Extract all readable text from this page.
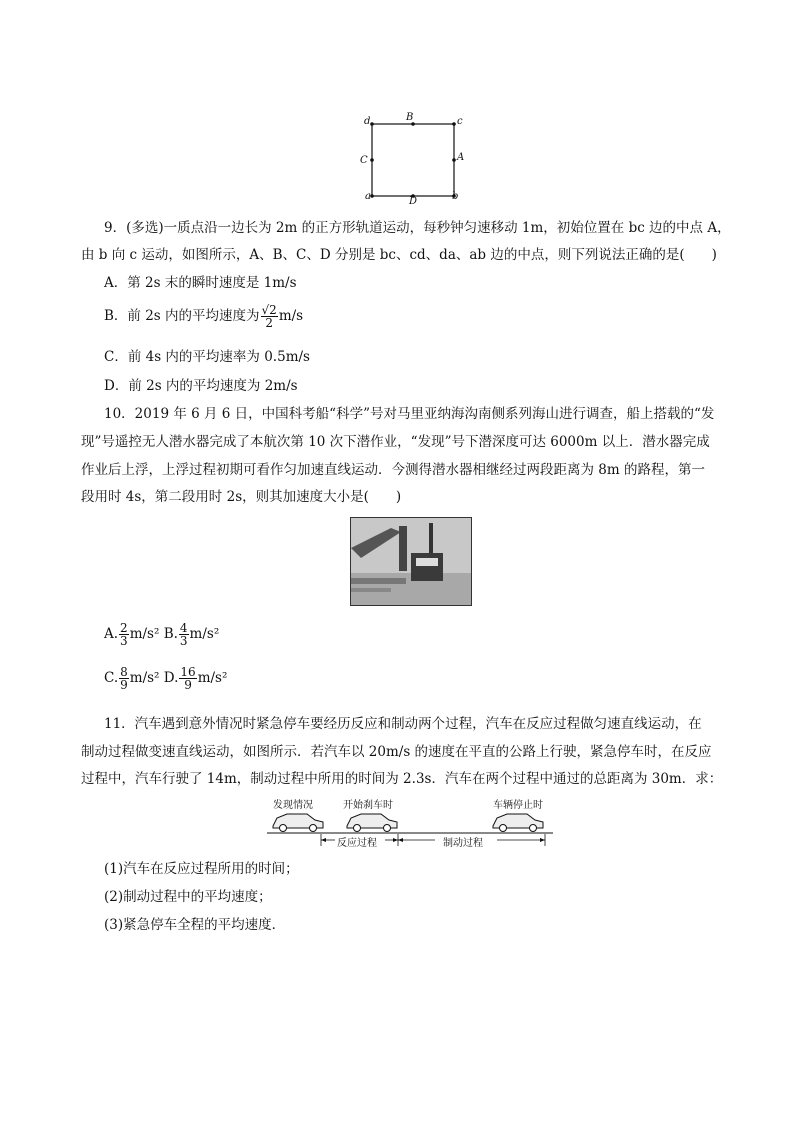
d	B	c
C	A
a	D	b
9．(多选)一质点沿一边长为 2m 的正方形轨道运动，每秒钟匀速移动 1m，初始位置在 bc 边的中点 A，
由 b 向 c 运动，如图所示，A、B、C、D 分别是 bc、cd、da、ab 边的中点，则下列说法正确的是(　　)
A．第 2s 末的瞬时速度是 1m/s
B．前 2s 内的平均速度为 $\frac{√2}{2} m/s$
C．前 4s 内的平均速率为 0.5m/s
D．前 2s 内的平均速度为 2m/s
10．2019 年 6 月 6 日，中国科考船“科学”号对马里亚纳海沟南侧系列海山进行调查，船上搭载的“发
现”号遥控无人潜水器完成了本航次第 10 次下潜作业，“发现”号下潜深度可达 6000m 以上．潜水器完成
作业后上浮，上浮过程初期可看作匀加速直线运动．今测得潜水器相继经过两段距离为 8m 的路程，第一
段用时 4s，第二段用时 2s，则其加速度大小是(　　)
A. $\frac{2}{3} m/s^2$ B. $\frac{4}{3} m/s^2$
C. $\frac{8}{9} m/s^2$ D. $\frac{16}{9} m/s^2$
11．汽车遇到意外情况时紧急停车要经历反应和制动两个过程，汽车在反应过程做匀速直线运动，在
制动过程做变速直线运动，如图所示．若汽车以 20m/s 的速度在平直的公路上行驶，紧急停车时，在反应
过程中，汽车行驶了 14m，制动过程中所用的时间为 2.3s．汽车在两个过程中通过的总距离为 30m．求：
发现情况	开始刹车时	车辆停止时
反应过程	制动过程
(1)汽车在反应过程所用的时间；
(2)制动过程中的平均速度；
(3)紧急停车全程的平均速度．
